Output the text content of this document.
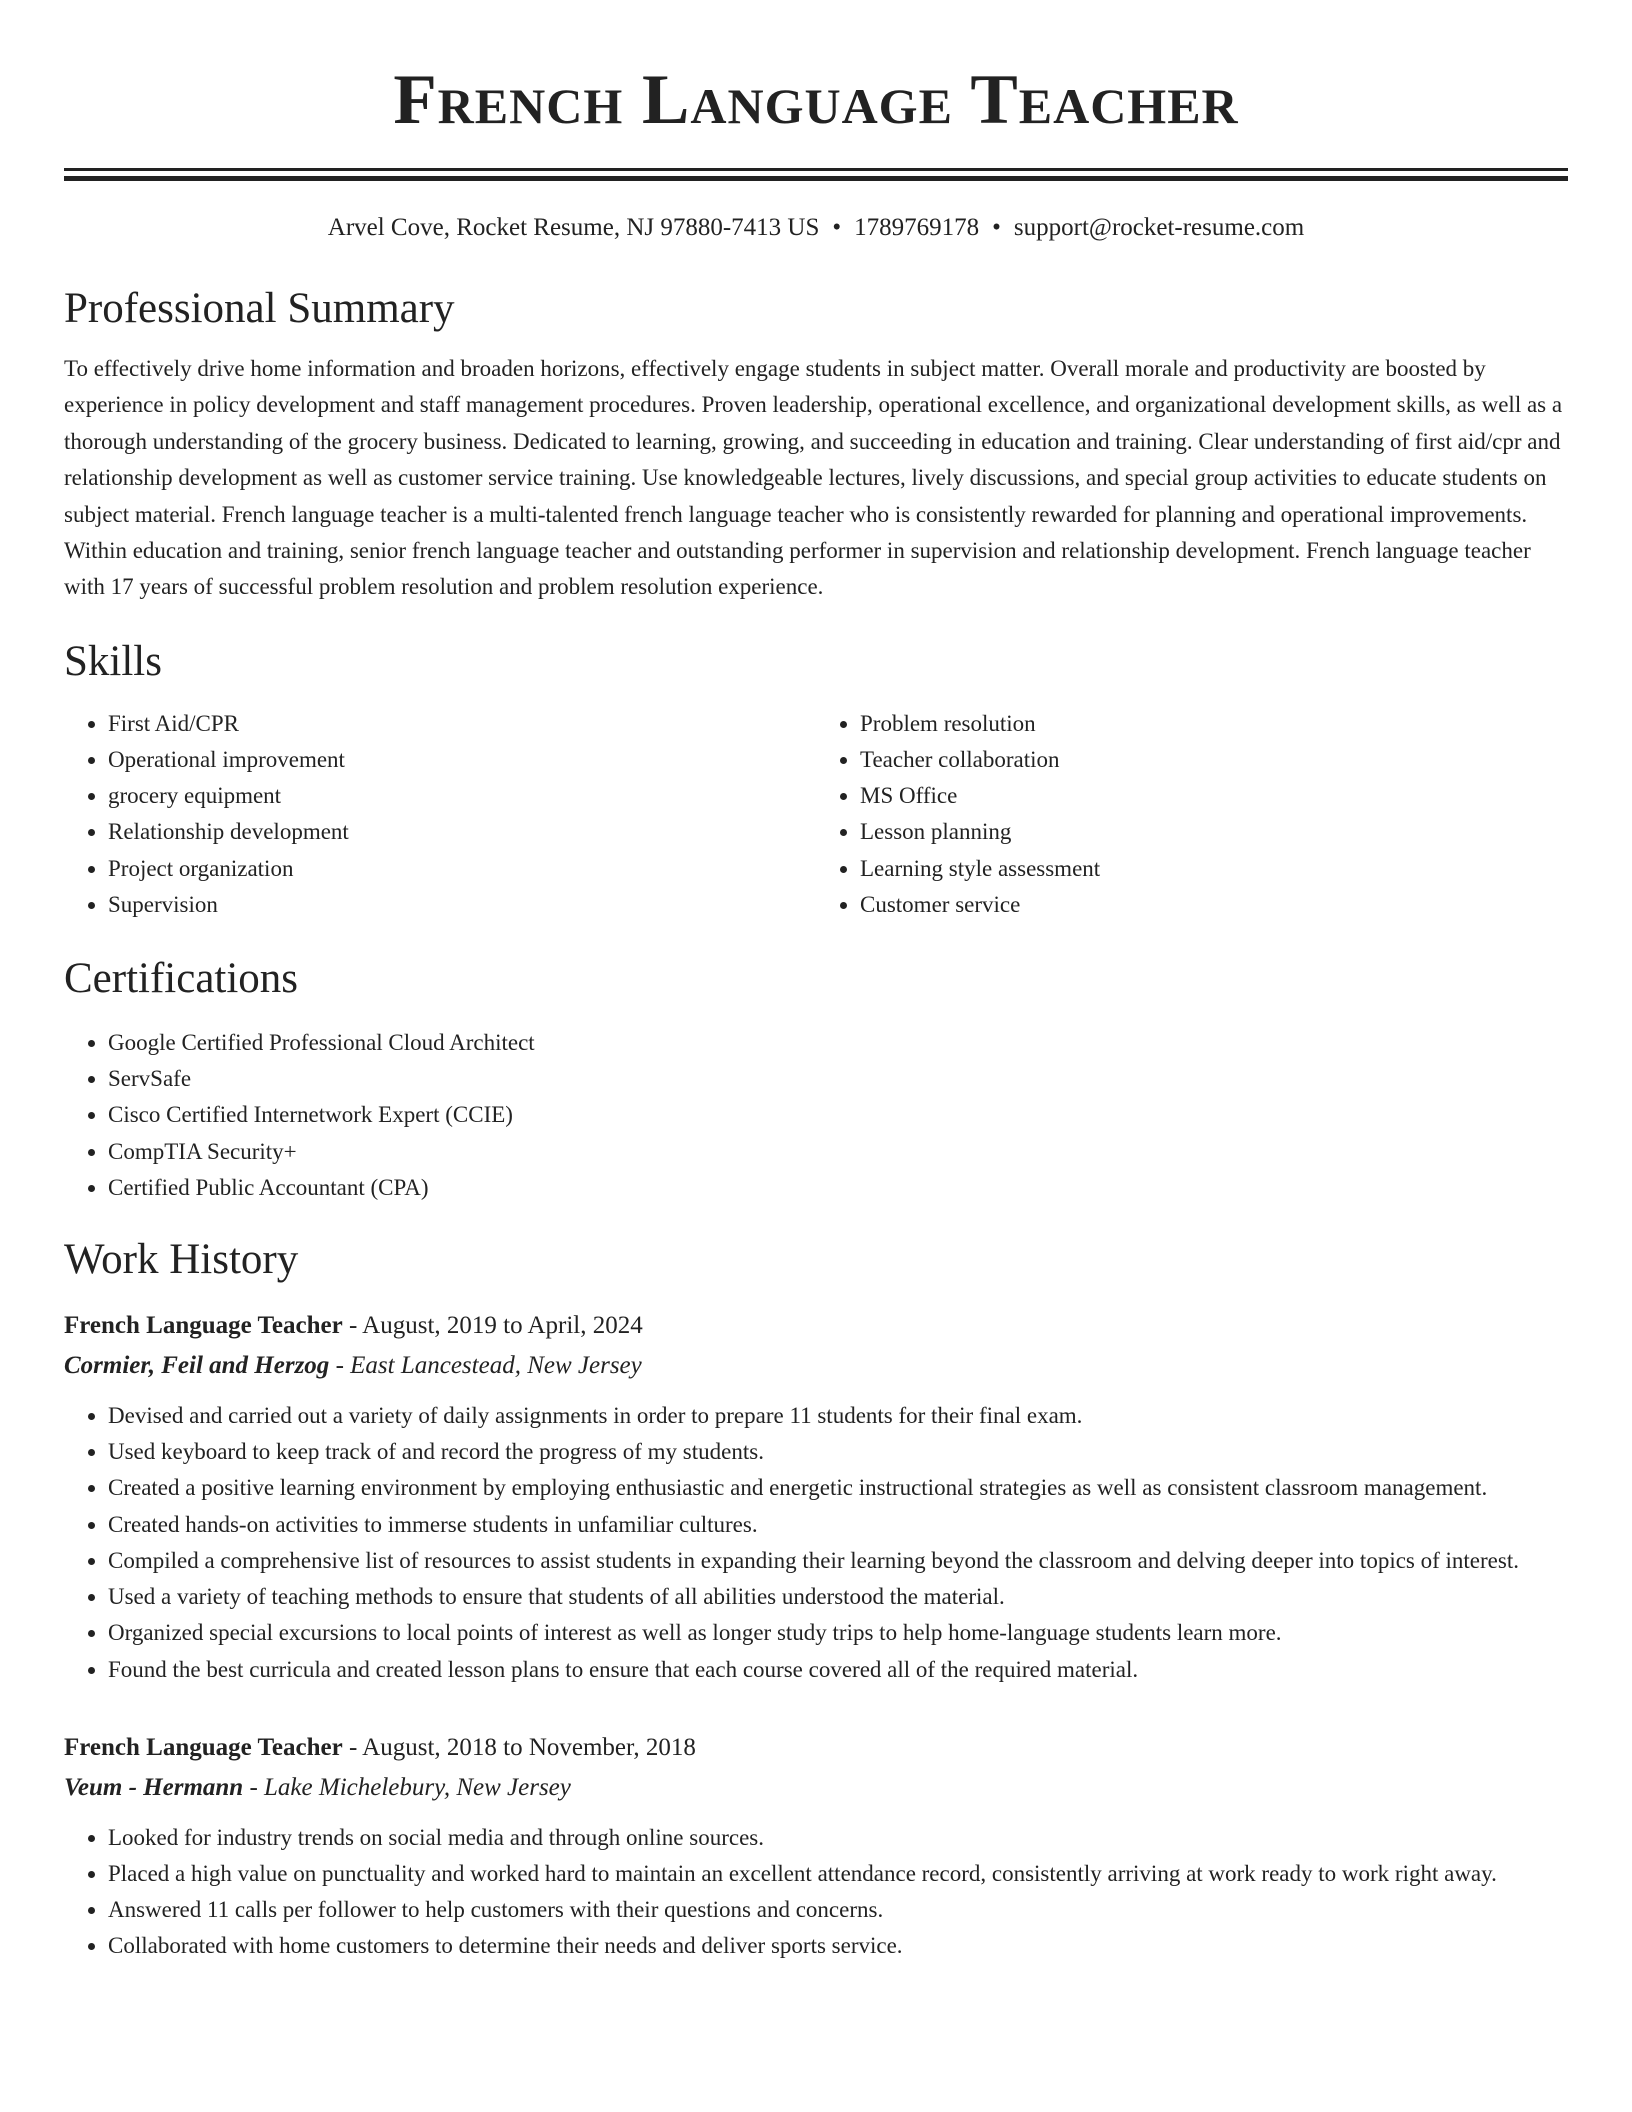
French Language Teacher
Arvel Cove, Rocket Resume, NJ 97880-7413 US • 1789769178 • support@rocket-resume.com
Professional Summary

To effectively drive home information and broaden horizons, effectively engage students in subject matter. Overall morale and productivity are boosted by experience in policy development and staff management procedures. Proven leadership, operational excellence, and organizational development skills, as well as a thorough understanding of the grocery business. Dedicated to learning, growing, and succeeding in education and training. Clear understanding of first aid/cpr and relationship development as well as customer service training. Use knowledgeable lectures, lively discussions, and special group activities to educate students on subject material. French language teacher is a multi-talented french language teacher who is consistently rewarded for planning and operational improvements. Within education and training, senior french language teacher and outstanding performer in supervision and relationship development. French language teacher with 17 years of successful problem resolution and problem resolution experience.

Skills
• First Aid/CPR
• Operational improvement
• grocery equipment
• Relationship development
• Project organization
• Supervision
• Problem resolution
• Teacher collaboration
• MS Office
• Lesson planning
• Learning style assessment
• Customer service
Certifications
• Google Certified Professional Cloud Architect
• ServSafe
• Cisco Certified Internetwork Expert (CCIE)
• CompTIA Security+
• Certified Public Accountant (CPA)
Work History
French Language Teacher - August, 2019 to April, 2024
Cormier, Feil and Herzog - East Lancestead, New Jersey
• Devised and carried out a variety of daily assignments in order to prepare 11 students for their final exam.
• Used keyboard to keep track of and record the progress of my students.
• Created a positive learning environment by employing enthusiastic and energetic instructional strategies as well as consistent classroom management.
• Created hands-on activities to immerse students in unfamiliar cultures.
• Compiled a comprehensive list of resources to assist students in expanding their learning beyond the classroom and delving deeper into topics of interest.
• Used a variety of teaching methods to ensure that students of all abilities understood the material.
• Organized special excursions to local points of interest as well as longer study trips to help home-language students learn more.
• Found the best curricula and created lesson plans to ensure that each course covered all of the required material.
French Language Teacher - August, 2018 to November, 2018
Veum - Hermann - Lake Michelebury, New Jersey
• Looked for industry trends on social media and through online sources.
• Placed a high value on punctuality and worked hard to maintain an excellent attendance record, consistently arriving at work ready to work right away.
• Answered 11 calls per follower to help customers with their questions and concerns.
• Collaborated with home customers to determine their needs and deliver sports service.
